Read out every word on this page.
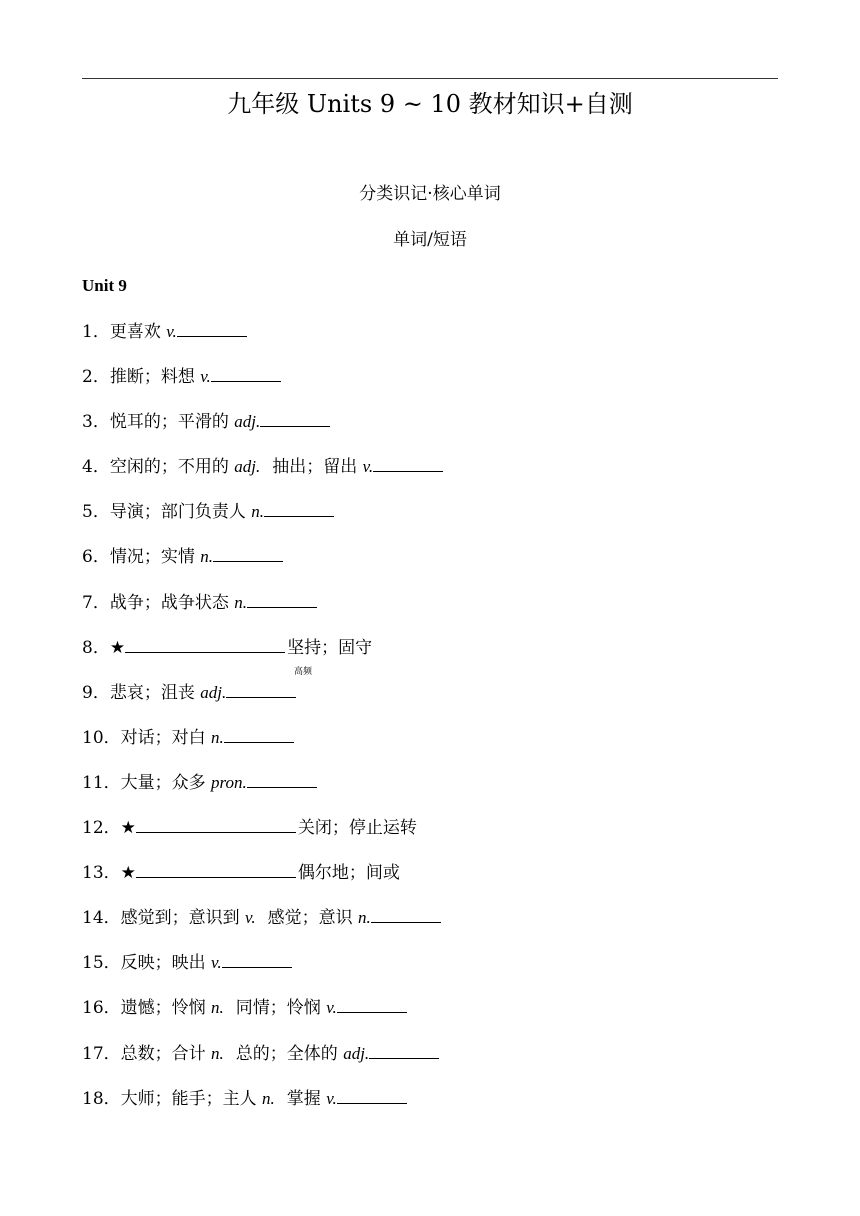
九年级 Units 9 ~ 10 教材知识+自测
分类识记·核心单词
单词/短语
Unit 9
1．更喜欢 v.
2．推断；料想 v.
3．悦耳的；平滑的 adj.
4．空闲的；不用的 adj. 抽出；留出 v.
5．导演；部门负责人 n.
6．情况；实情 n.
7．战争；战争状态 n.
8．★	坚持；固守
9．悲哀；沮丧 adj.
高频
10．对话；对白 n.
11．大量；众多 pron.
12．★	关闭；停止运转
13．★	偶尔地；间或
14．感觉到；意识到 v. 感觉；意识 n.
15．反映；映出 v.
16．遗憾；怜悯 n. 同情；怜悯 v.
17．总数；合计 n. 总的；全体的 adj.
18．大师；能手；主人 n. 掌握 v.
